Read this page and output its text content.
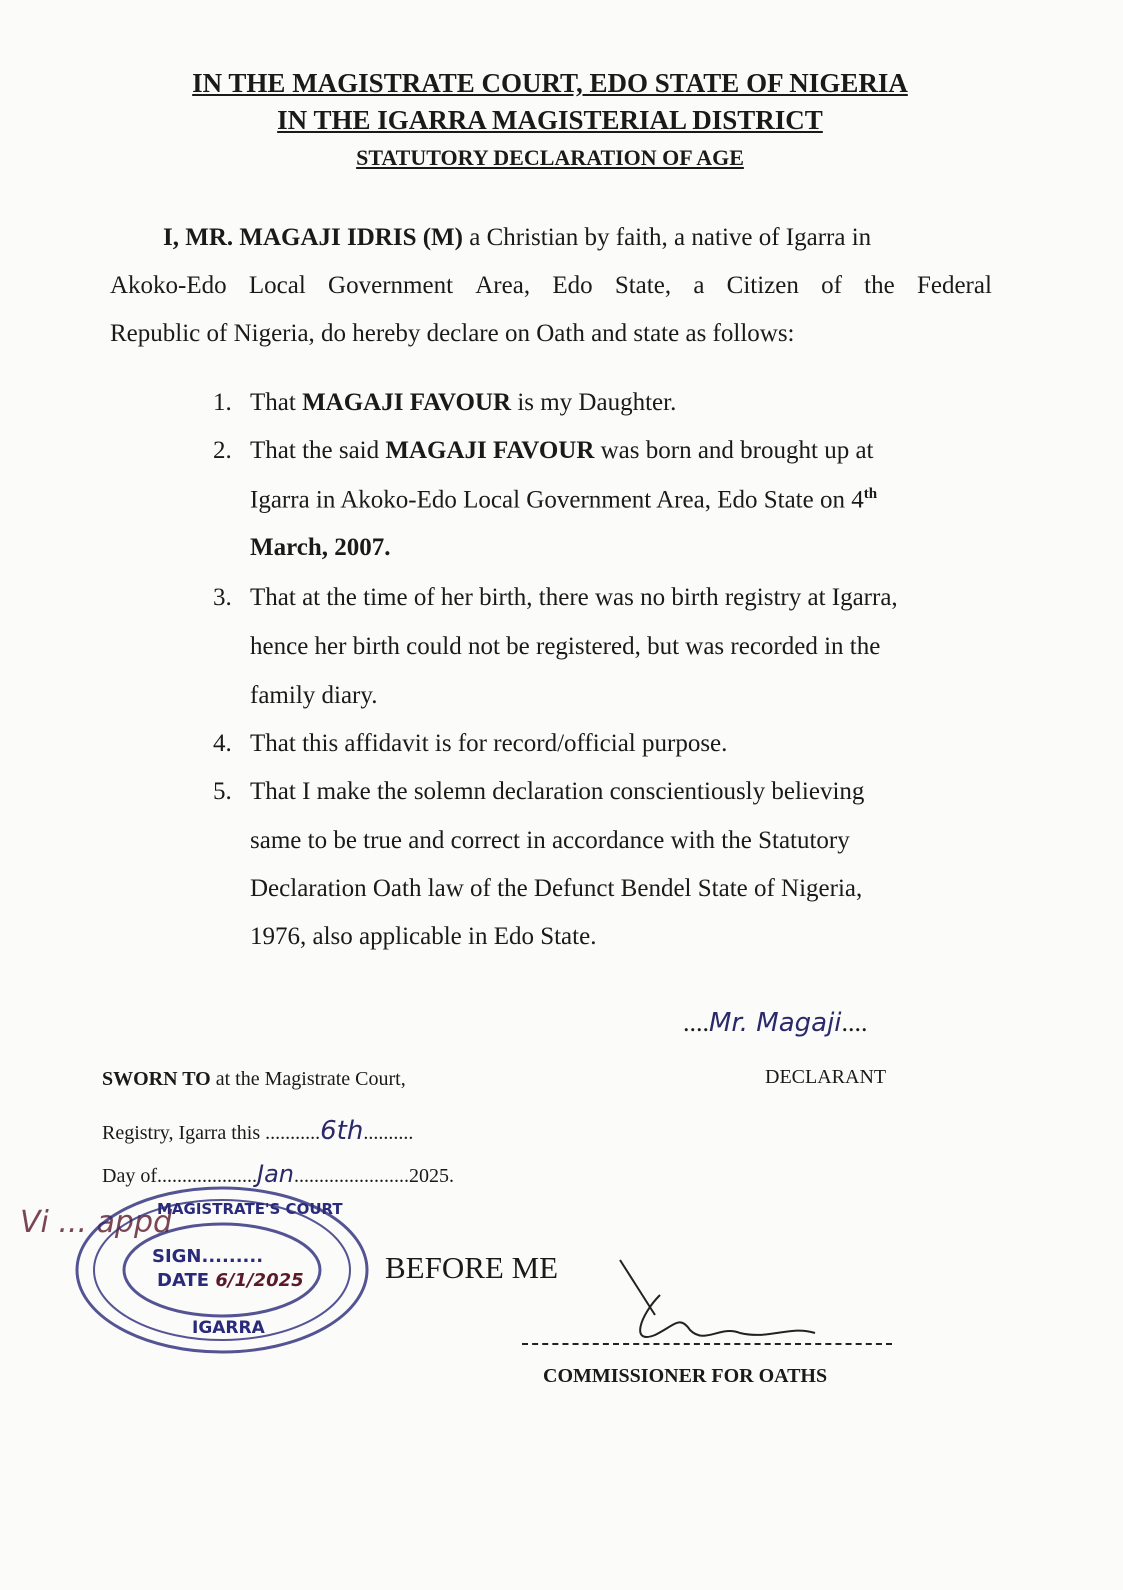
IN THE MAGISTRATE COURT, EDO STATE OF NIGERIA
IN THE IGARRA MAGISTERIAL DISTRICT
STATUTORY DECLARATION OF AGE
I, MR. MAGAJI IDRIS (M) a Christian by faith, a native of Igarra in
Akoko-Edo Local Government Area, Edo State, a Citizen of the Federal
Republic of Nigeria, do hereby declare on Oath and state as follows:
1. That MAGAJI FAVOUR is my Daughter.
2. That the said MAGAJI FAVOUR was born and brought up at
Igarra in Akoko-Edo Local Government Area, Edo State on 4th
March, 2007.
3. That at the time of her birth, there was no birth registry at Igarra,
hence her birth could not be registered, but was recorded in the
family diary.
4. That this affidavit is for record/official purpose.
5. That I make the solemn declaration conscientiously believing
same to be true and correct in accordance with the Statutory
Declaration Oath law of the Defunct Bendel State of Nigeria,
1976, also applicable in Edo State.
....Mr. Magaji....
DECLARANT
SWORN TO at the Magistrate Court,
Registry, Igarra this ...........6th..........
Day of....................Jan.......................2025.
Vi ... appd
MAGISTRATE'S COURT
SIGN.........
DATE 6/1/2025
IGARRA
BEFORE ME
COMMISSIONER FOR OATHS
